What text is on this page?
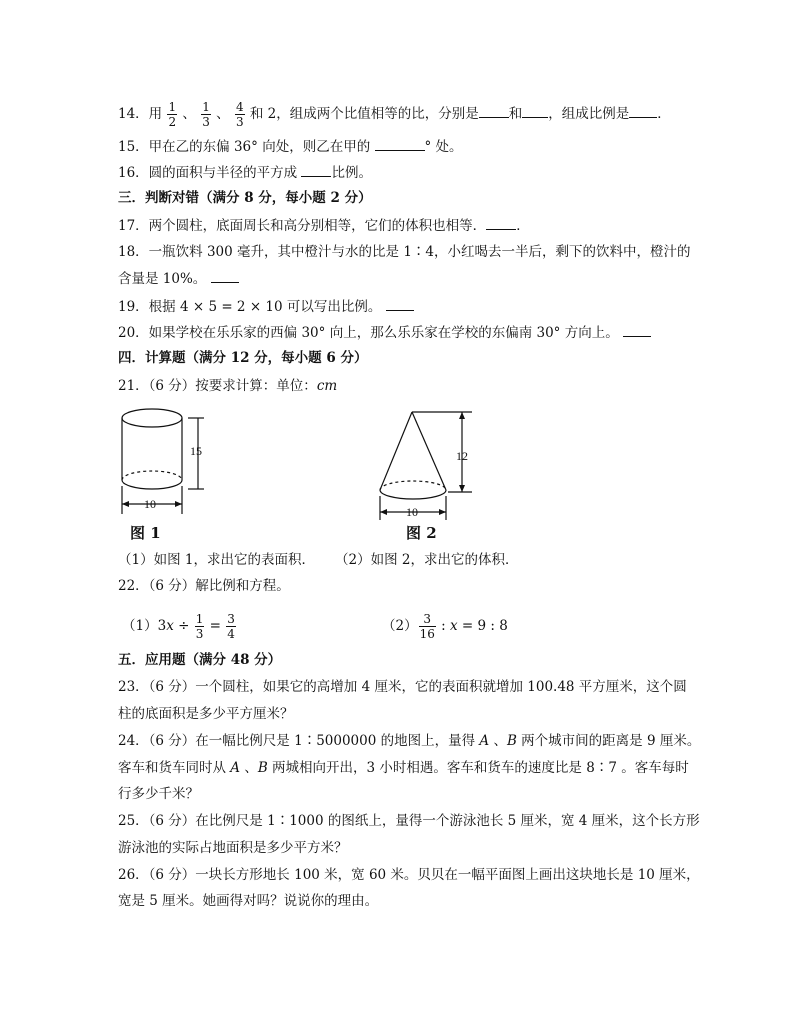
14．用 $\frac{1}{2}$ 、 $\frac{1}{3}$ 、 $\frac{4}{3}$ 和 2，组成两个比值相等的比，分别是 和 ，组成比例是 ．
15．甲在乙的东偏 36° 向处，则乙在甲的	° 处。
16．圆的面积与半径的平方成	比例。
三．判断对错（满分 8 分，每小题 2 分）
17．两个圆柱，底面周长和高分别相等，它们的体积也相等． ．
18．一瓶饮料 300 毫升，其中橙汁与水的比是 1∶4，小红喝去一半后，剩下的饮料中，橙汁的
含量是 10%。
19．根据 4 × 5 = 2 × 10 可以写出比例。
20．如果学校在乐乐家的西偏 30° 向上，那么乐乐家在学校的东偏南 30° 方向上。
四．计算题（满分 12 分，每小题 6 分）
21．（6 分）按要求计算：单位：cm
15
10
图 1
12
10
图 2
（1）如图 1，求出它的表面积． （2）如图 2，求出它的体积．
22．（6 分）解比例和方程。
$(1)3x \div \frac{1}{3} = \frac{3}{4}$	$(2) \frac{3}{16}$ : x = 9 : 8
五．应用题（满分 48 分）
23．（6 分）一个圆柱，如果它的高增加 4 厘米，它的表面积就增加 100.48 平方厘米，这个圆
柱的底面积是多少平方厘米？
24．（6 分）在一幅比例尺是 1∶5000000 的地图上，量得 A 、B 两个城市间的距离是 9 厘米。
客车和货车同时从 A 、B 两城相向开出，3 小时相遇。客车和货车的速度比是 8∶7 。客车每时
行多少千米？
25．（6 分）在比例尺是 1∶1000 的图纸上，量得一个游泳池长 5 厘米，宽 4 厘米，这个长方形
游泳池的实际占地面积是多少平方米？
26．（6 分）一块长方形地长 100 米，宽 60 米。贝贝在一幅平面图上画出这块地长是 10 厘米，
宽是 5 厘米。她画得对吗？说说你的理由。
